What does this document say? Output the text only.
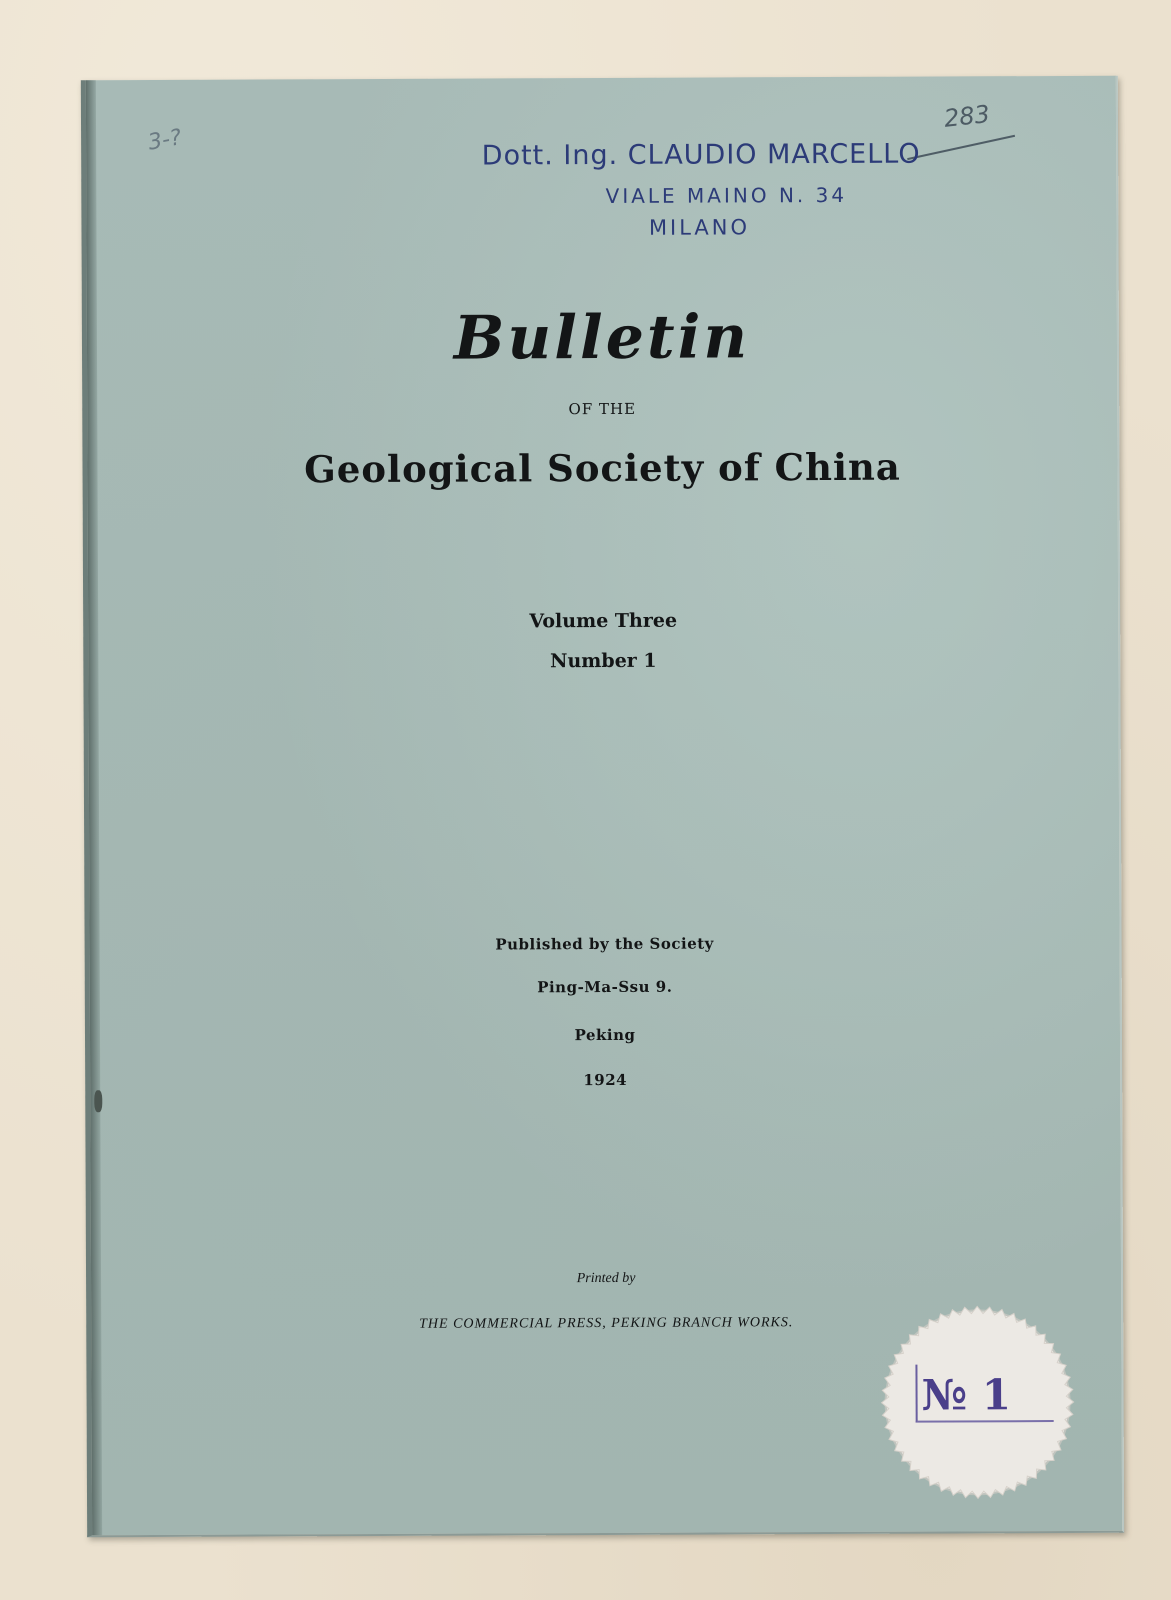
3-?
283
Dott. Ing. CLAUDIO MARCELLO
VIALE MAINO N. 34
MILANO
Bulletin
OF THE
Geological Society of China
Volume Three
Number 1
Published by the Society
Ping-Ma-Ssu 9.
Peking
1924
Printed by
THE COMMERCIAL PRESS, PEKING BRANCH WORKS.
№ 1
